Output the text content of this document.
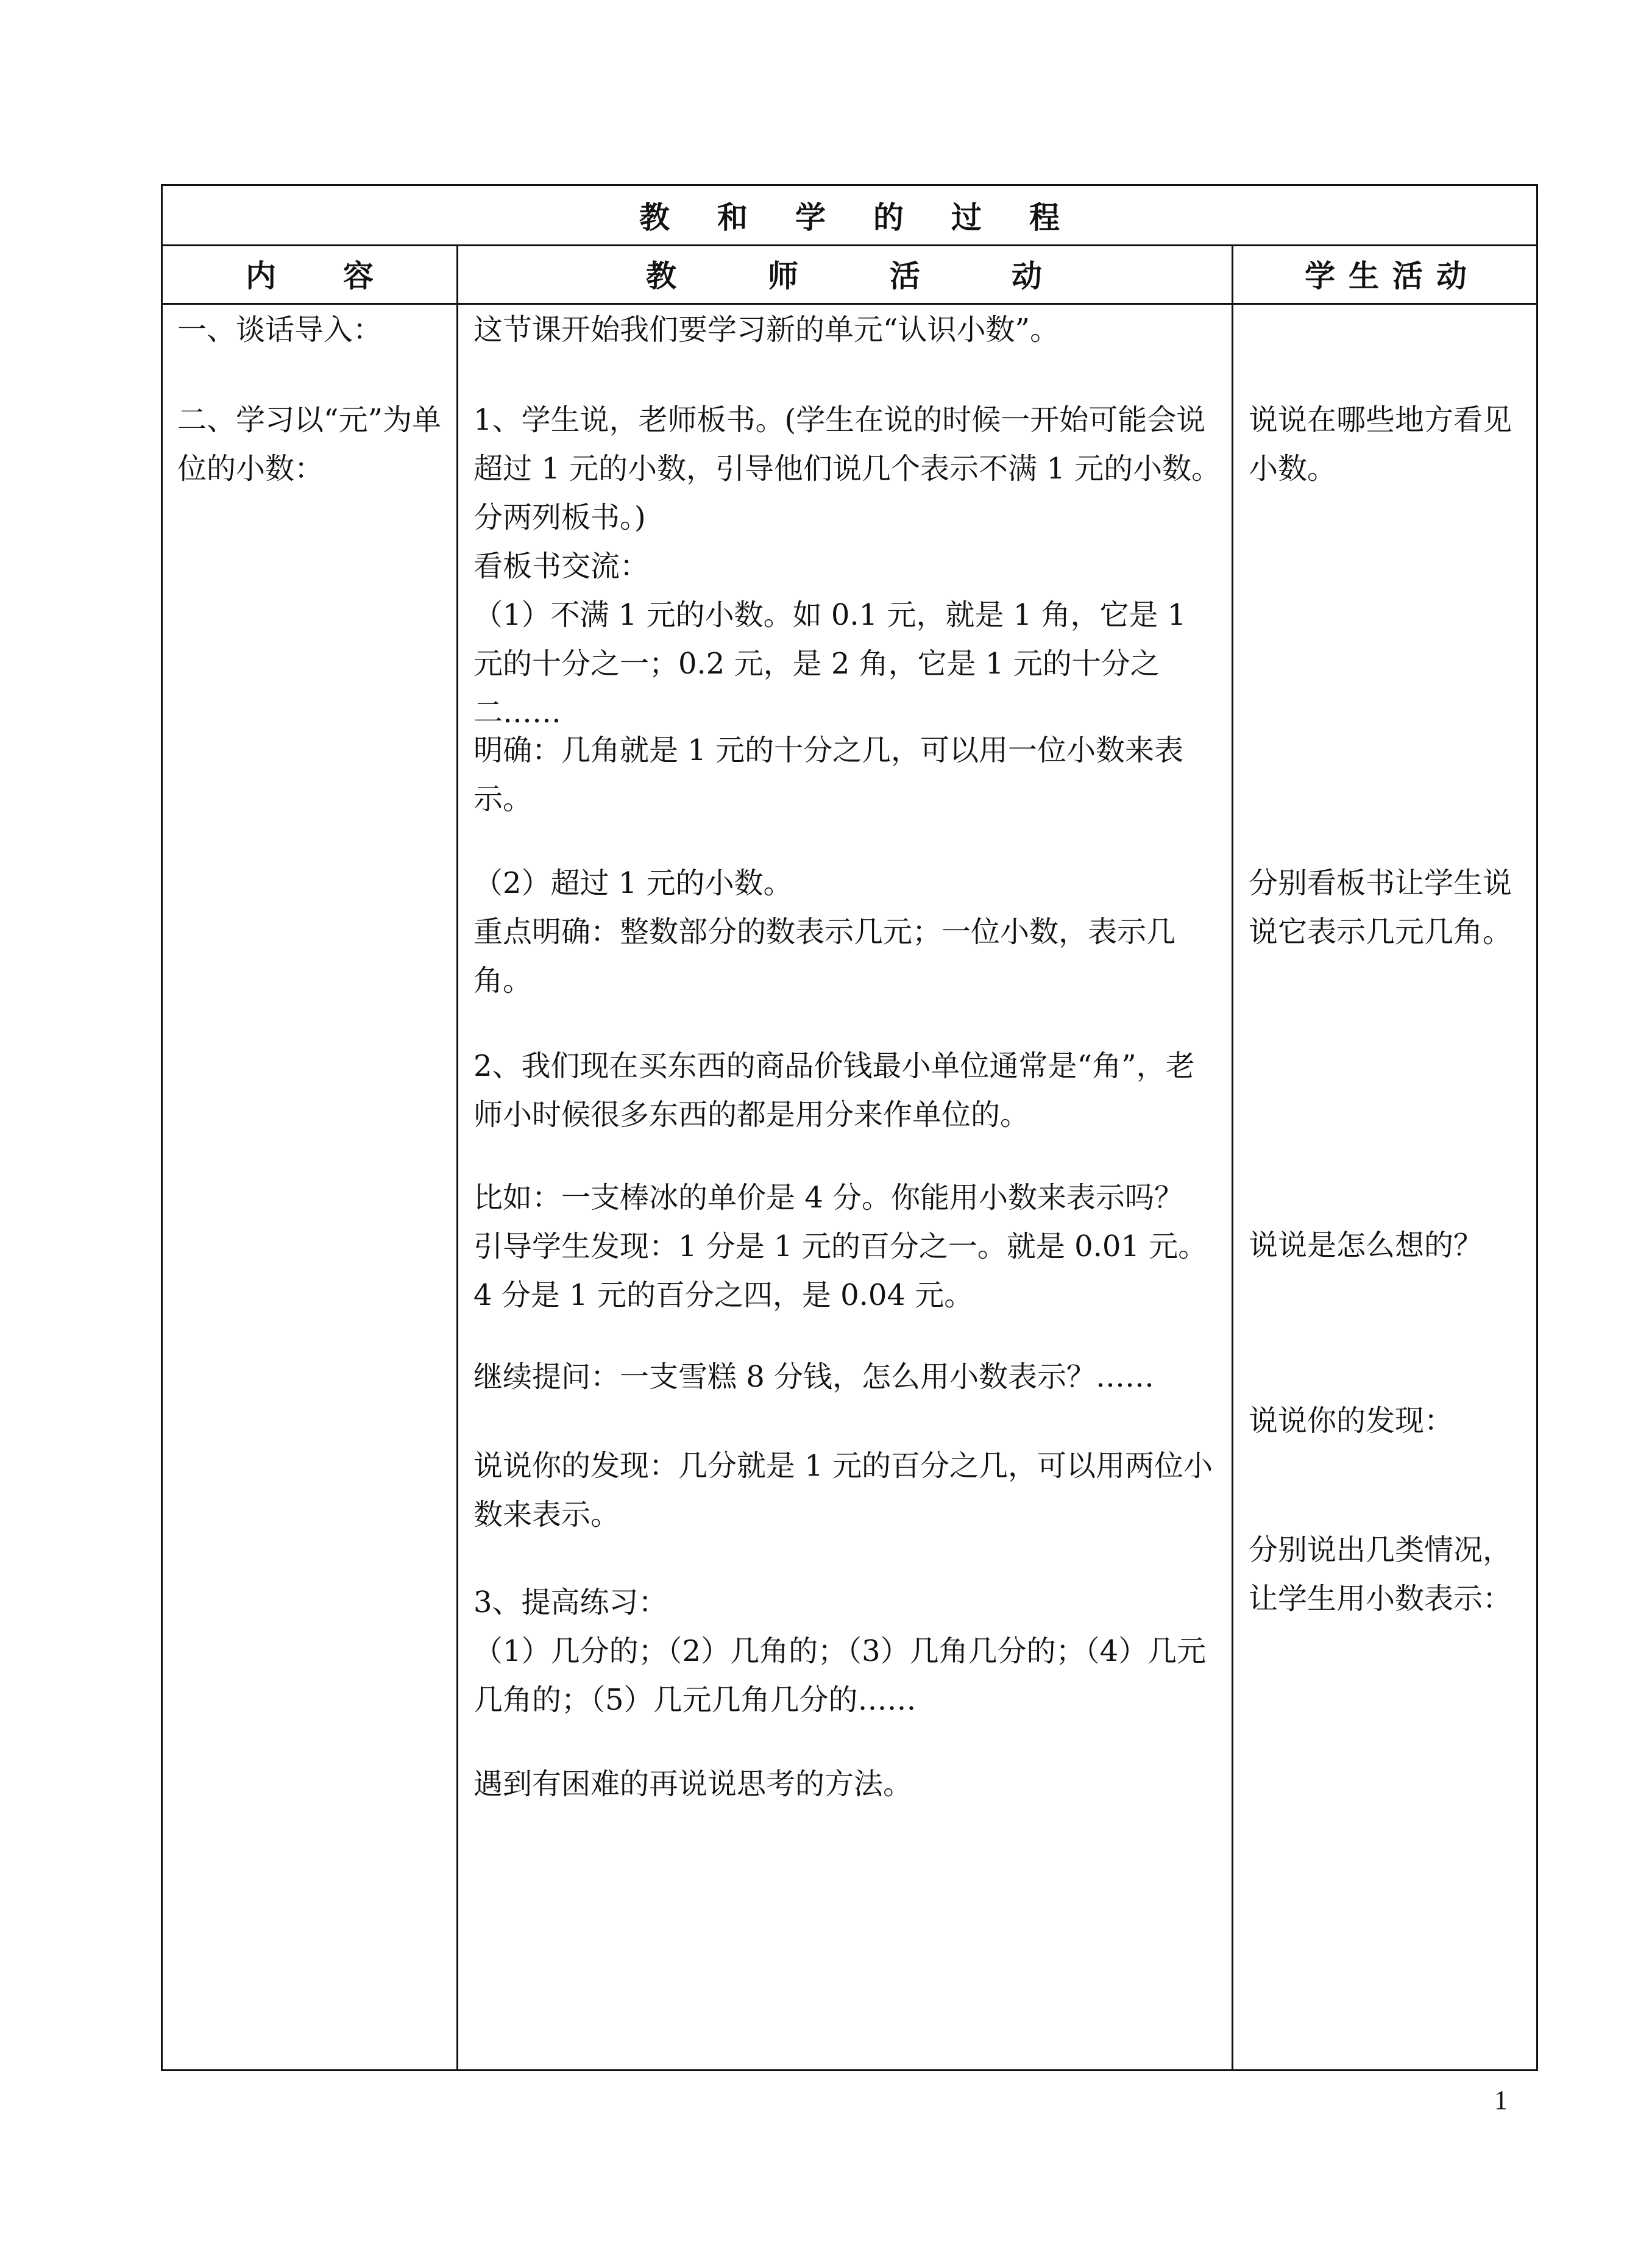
教和学的过程
内容	教师活动	学生活动
一、谈话导入：
二、学习以“元”为单位的小数：
这节课开始我们要学习新的单元“认识小数”。
1、学生说，老师板书。(学生在说的时候一开始可能会说超过 1 元的小数，引导他们说几个表示不满 1 元的小数。分两列板书。)
看板书交流：
（1）不满 1 元的小数。如 0.1 元，就是 1 角，它是 1 元的十分之一；0.2 元，是 2 角，它是 1 元的十分之二……
明确：几角就是 1 元的十分之几，可以用一位小数来表示。
（2）超过 1 元的小数。
重点明确：整数部分的数表示几元；一位小数，表示几角。
2、我们现在买东西的商品价钱最小单位通常是“角”，老师小时候很多东西的都是用分来作单位的。
比如：一支棒冰的单价是 4 分。你能用小数来表示吗？
引导学生发现：1 分是 1 元的百分之一。就是 0.01 元。
4 分是 1 元的百分之四，是 0.04 元。
继续提问：一支雪糕 8 分钱，怎么用小数表示？……
说说你的发现：几分就是 1 元的百分之几，可以用两位小数来表示。
3、提高练习：
（1）几分的；（2）几角的；（3）几角几分的；（4）几元几角的；（5）几元几角几分的……
遇到有困难的再说说思考的方法。
说说在哪些地方看见小数。
分别看板书让学生说说它表示几元几角。
说说是怎么想的？
说说你的发现：
分别说出几类情况，让学生用小数表示：
1
